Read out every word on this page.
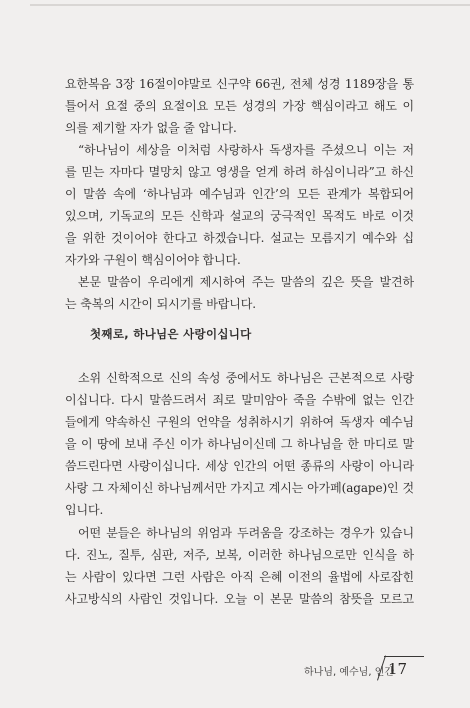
요한복음 3장 16절이야말로 신구약 66권, 전체 성경 1189장을 통
틀어서 요절 중의 요절이요 모든 성경의 가장 핵심이라고 해도 이
의를 제기할 자가 없을 줄 압니다.
“하나님이 세상을 이처럼 사랑하사 독생자를 주셨으니 이는 저
를 믿는 자마다 멸망치 않고 영생을 얻게 하려 하심이니라”고 하신
이 말씀 속에 ‘하나님과 예수님과 인간’의 모든 관계가 복합되어
있으며, 기독교의 모든 신학과 설교의 궁극적인 목적도 바로 이것
을 위한 것이어야 한다고 하겠습니다. 설교는 모름지기 예수와 십
자가와 구원이 핵심이어야 합니다.
본문 말씀이 우리에게 제시하여 주는 말씀의 깊은 뜻을 발견하
는 축복의 시간이 되시기를 바랍니다.
첫째로, 하나님은 사랑이십니다
소위 신학적으로 신의 속성 중에서도 하나님은 근본적으로 사랑
이십니다. 다시 말씀드려서 죄로 말미암아 죽을 수밖에 없는 인간
들에게 약속하신 구원의 언약을 성취하시기 위하여 독생자 예수님
을 이 땅에 보내 주신 이가 하나님이신데 그 하나님을 한 마디로 말
씀드린다면 사랑이십니다. 세상 인간의 어떤 종류의 사랑이 아니라
사랑 그 자체이신 하나님께서만 가지고 계시는 아가페(agape)인 것
입니다.
어떤 분들은 하나님의 위엄과 두려움을 강조하는 경우가 있습니
다. 진노, 질투, 심판, 저주, 보복, 이러한 하나님으로만 인식을 하
는 사람이 있다면 그런 사람은 아직 은혜 이전의 율법에 사로잡힌
사고방식의 사람인 것입니다. 오늘 이 본문 말씀의 참뜻을 모르고
하나님, 예수님, 인간
17
